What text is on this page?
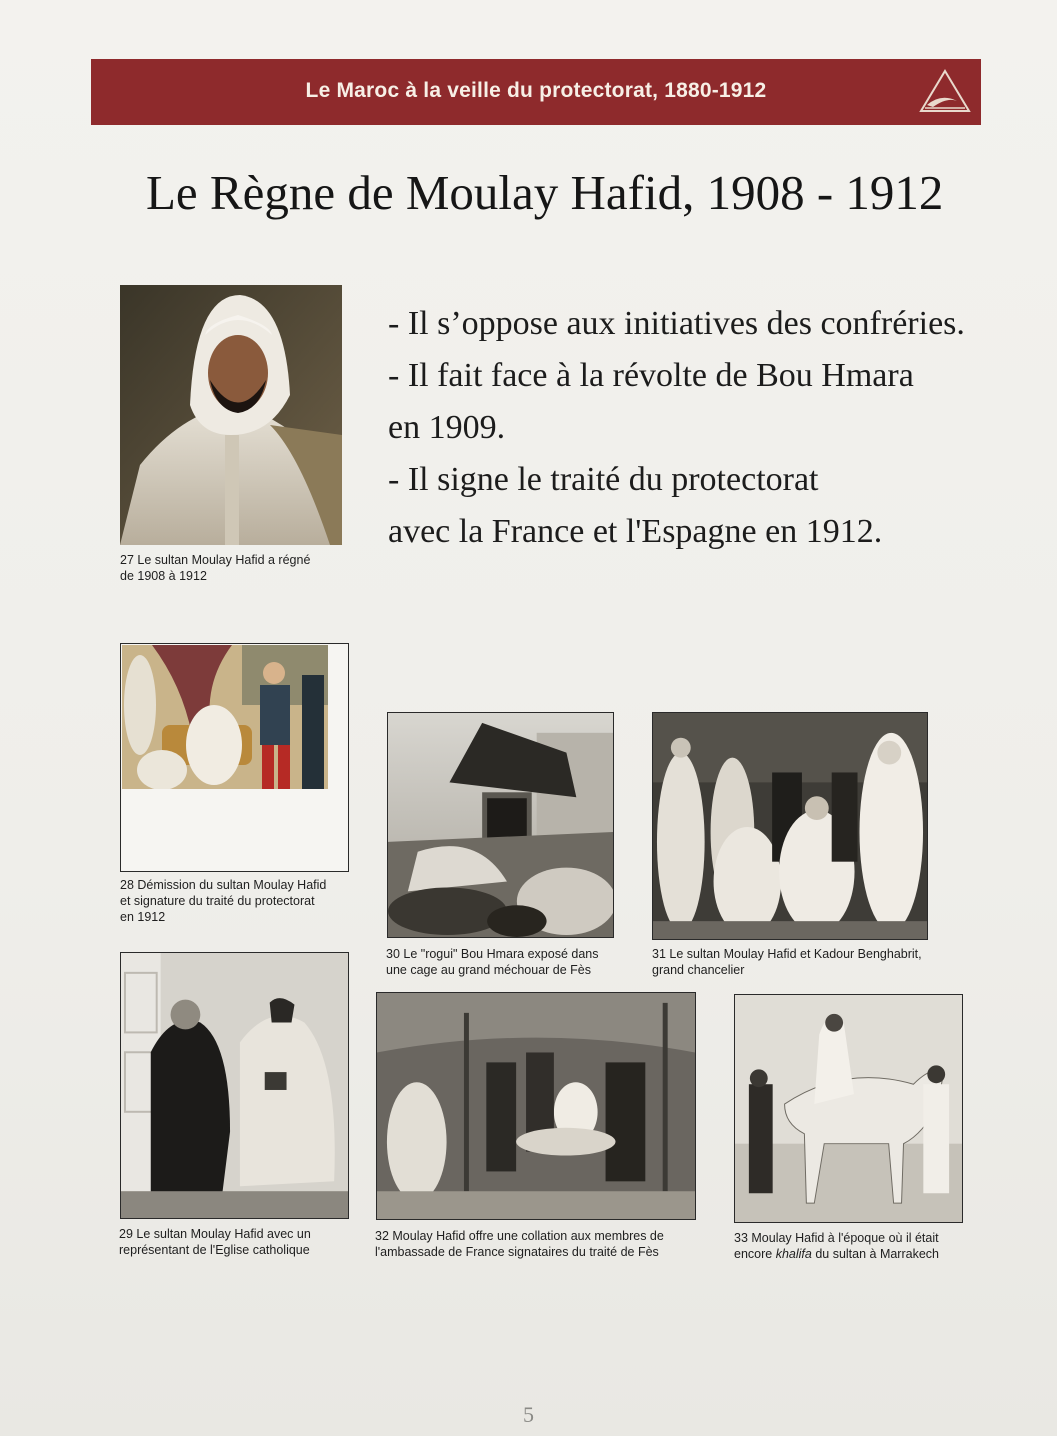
Le Maroc à la veille du protectorat, 1880-1912
Le Règne de Moulay Hafid, 1908 - 1912
27 Le sultan Moulay Hafid a régné
de 1908 à 1912
- Il s’oppose aux initiatives des confréries.
- Il fait face à la révolte de Bou Hmara
en 1909.
- Il signe le traité du protectorat
avec la France et l'Espagne en 1912.
28 Démission du sultan Moulay Hafid
et signature du traité du protectorat
en 1912
30 Le "rogui" Bou Hmara exposé dans
une cage au grand méchouar de Fès
31 Le sultan Moulay Hafid et Kadour Benghabrit,
grand chancelier
29 Le sultan Moulay Hafid avec un
représentant de l'Eglise catholique
32 Moulay Hafid offre une collation aux membres de
l'ambassade de France signataires du traité de Fès
33 Moulay Hafid à l'époque où il était
encore khalifa du sultan à Marrakech
5
